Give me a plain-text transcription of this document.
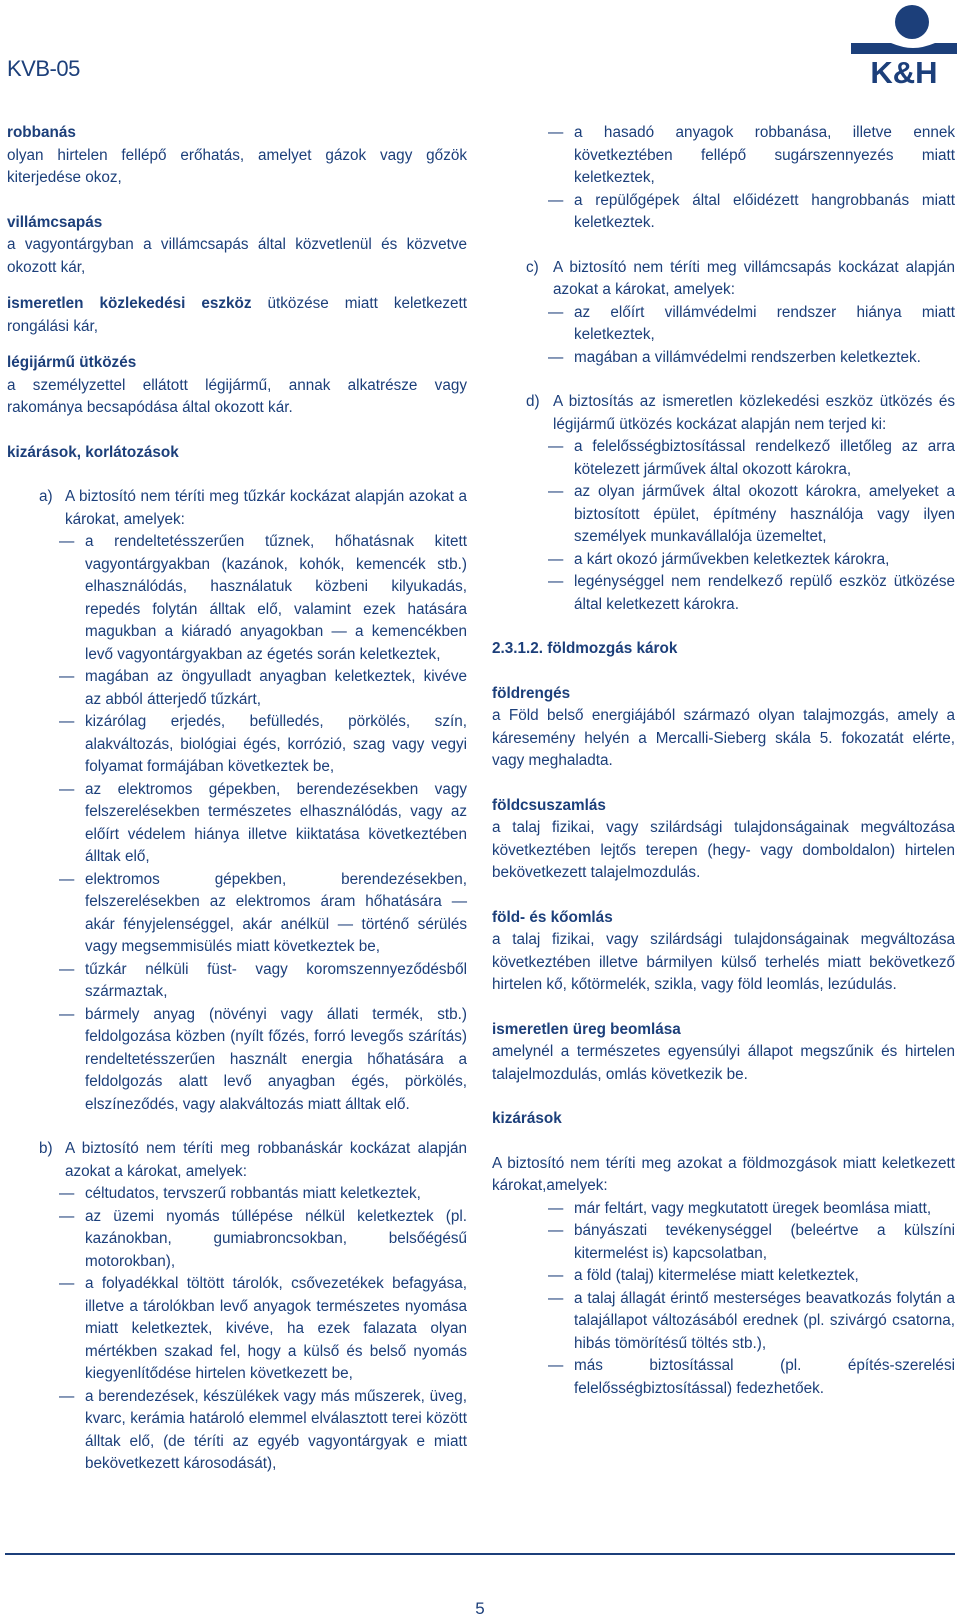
KVB-05	K&H
robbanás

olyan hirtelen fellépő erőhatás, amelyet gázok vagy gőzök kiterjedése okoz,

villámcsapás

a vagyontárgyban a villámcsapás által közvetlenül és közvetve okozott kár,

ismeretlen közlekedési eszköz ütközése miatt keletkezett rongálási kár,

légijármű ütközés

a személyzettel ellátott légijármű, annak alkatrésze vagy rakománya becsapódása által okozott kár.

kizárások, korlátozások
a) A biztosító nem téríti meg tűzkár kockázat alapján azokat a károkat, amelyek:
— a rendeltetésszerűen tűznek, hőhatásnak kitett vagyontárgyakban (kazánok, kohók, kemencék stb.) elhasználódás, használatuk közbeni kilyukadás, repedés folytán álltak elő, valamint ezek hatására magukban a kiáradó anyagokban — a kemencékben levő vagyontárgyakban az égetés során keletkeztek,
— magában az öngyulladt anyagban keletkeztek, kivéve az abból átterjedő tűzkárt,
— kizárólag erjedés, befülledés, pörkölés, szín, alakváltozás, biológiai égés, korrózió, szag vagy vegyi folyamat formájában következtek be,
— az elektromos gépekben, berendezésekben vagy felszerelésekben természetes elhasználódás, vagy az előírt védelem hiánya illetve kiiktatása következtében álltak elő,
— elektromos gépekben, berendezésekben, felszerelésekben az elektromos áram hőhatására — akár fényjelenséggel, akár anélkül — történő sérülés vagy megsemmisülés miatt következtek be,
— tűzkár nélküli füst- vagy koromszennyeződésből származtak,
— bármely anyag (növényi vagy állati termék, stb.) feldolgozása közben (nyílt főzés, forró levegős szárítás) rendeltetésszerűen használt energia hőhatására a feldolgozás alatt levő anyagban égés, pörkölés, elszíneződés, vagy alakváltozás miatt álltak elő.
b) A biztosító nem téríti meg robbanáskár kockázat alapján azokat a károkat, amelyek:
— céltudatos, tervszerű robbantás miatt keletkeztek,
— az üzemi nyomás túllépése nélkül keletkeztek (pl. kazánokban, gumiabroncsokban, belsőégésű motorokban),
— a folyadékkal töltött tárolók, csővezetékek befagyása, illetve a tárolókban levő anyagok természetes nyomása miatt keletkeztek, kivéve, ha ezek falazata olyan mértékben szakad fel, hogy a külső és belső nyomás kiegyenlítődése hirtelen következett be,
— a berendezések, készülékek vagy más műszerek, üveg, kvarc, kerámia határoló elemmel elválasztott terei között álltak elő, (de téríti az egyéb vagyontárgyak e miatt bekövetkezett károsodását),
— a hasadó anyagok robbanása, illetve ennek következtében fellépő sugárszennyezés miatt keletkeztek,
— a repülőgépek által előidézett hangrobbanás miatt keletkeztek.
c) A biztosító nem téríti meg villámcsapás kockázat alapján azokat a károkat, amelyek:
— az előírt villámvédelmi rendszer hiánya miatt keletkeztek,
— magában a villámvédelmi rendszerben keletkeztek.
d) A biztosítás az ismeretlen közlekedési eszköz ütközés és légijármű ütközés kockázat alapján nem terjed ki:
— a felelősségbiztosítással rendelkező illetőleg az arra kötelezett járművek által okozott károkra,
— az olyan járművek által okozott károkra, amelyeket a biztosított épület, építmény használója vagy ilyen személyek munkavállalója üzemeltet,
— a kárt okozó járművekben keletkeztek károkra,
— legénységgel nem rendelkező repülő eszköz ütközése által keletkezett károkra.
2.3.1.2. földmozgás károk
földrengés

a Föld belső energiájából származó olyan talajmozgás, amely a káresemény helyén a Mercalli-Sieberg skála 5. fokozatát elérte, vagy meghaladta.

földcsuszamlás

a talaj fizikai, vagy szilárdsági tulajdonságainak megváltozása következtében lejtős terepen (hegy- vagy domboldalon) hirtelen bekövetkezett talajelmozdulás.

föld- és kőomlás

a talaj fizikai, vagy szilárdsági tulajdonságainak megváltozása következtében illetve bármilyen külső terhelés miatt bekövetkező hirtelen kő, kőtörmelék, szikla, vagy föld leomlás, lezúdulás.

ismeretlen üreg beomlása

amelynél a természetes egyensúlyi állapot megszűnik és hirtelen talajelmozdulás, omlás következik be.

kizárások

A biztosító nem téríti meg azokat a földmozgások miatt keletkezett károkat,amelyek:

— már feltárt, vagy megkutatott üregek beomlása miatt,
— bányászati tevékenységgel (beleértve a külszíni kitermelést is) kapcsolatban,
— a föld (talaj) kitermelése miatt keletkeztek,
— a talaj állagát érintő mesterséges beavatkozás folytán a talajállapot változásából erednek (pl. szivárgó csatorna, hibás tömörítésű töltés stb.),
— más biztosítással (pl. építés-szerelési felelősségbiztosítással) fedezhetőek.
5
